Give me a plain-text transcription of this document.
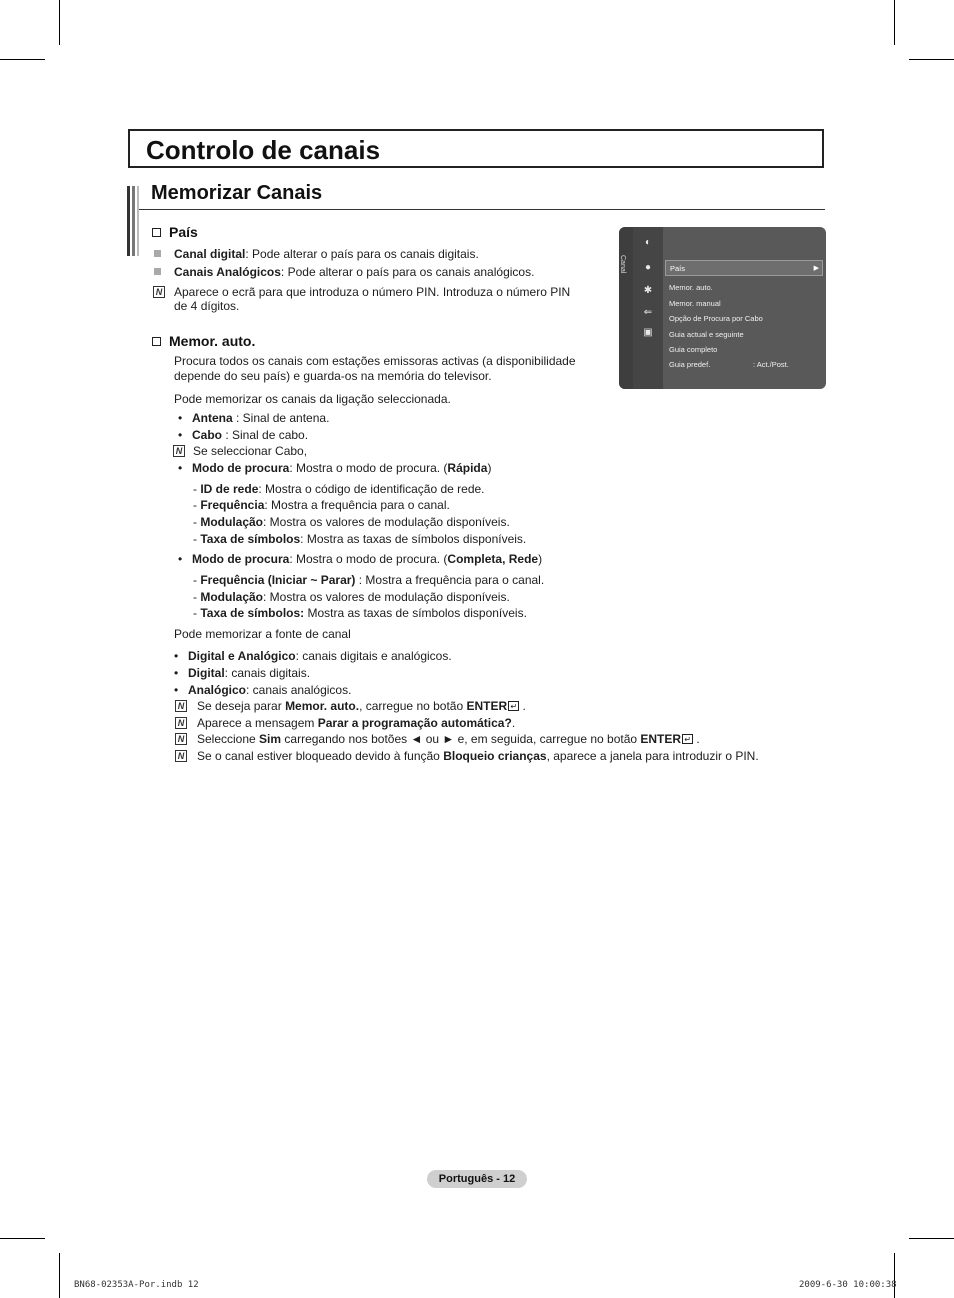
Controlo de canais
Memorizar Canais
País
Canal digital: Pode alterar o país para os canais digitais.
Canais Analógicos: Pode alterar o país para os canais analógicos.
N Aparece o ecrã para que introduza o número PIN. Introduza o número PIN
de 4 dígitos.
Memor. auto.
Procura todos os canais com estações emissoras activas (a disponibilidade
depende do seu país) e guarda-os na memória do televisor.
Pode memorizar os canais da ligação seleccionada.
• Antena : Sinal de antena.
• Cabo : Sinal de cabo.
N Se seleccionar Cabo,
• Modo de procura: Mostra o modo de procura. (Rápida)
- ID de rede: Mostra o código de identificação de rede.
- Frequência: Mostra a frequência para o canal.
- Modulação: Mostra os valores de modulação disponíveis.
- Taxa de símbolos: Mostra as taxas de símbolos disponíveis.
• Modo de procura: Mostra o modo de procura. (Completa, Rede)
- Frequência (Iniciar ~ Parar) : Mostra a frequência para o canal.
- Modulação: Mostra os valores de modulação disponíveis.
- Taxa de símbolos: Mostra as taxas de símbolos disponíveis.
Pode memorizar a fonte de canal
• Digital e Analógico: canais digitais e analógicos.
• Digital: canais digitais.
• Analógico: canais analógicos.
N Se deseja parar Memor. auto., carregue no botão ENTER ↵ .
N Aparece a mensagem Parar a programação automática?.
N Seleccione Sim carregando nos botões ◄ ou ► e, em seguida, carregue no botão ENTER ↵ .
N Se o canal estiver bloqueado devido à função Bloqueio crianças, aparece a janela para introduzir o PIN.
Canal
◐
●
✱
⇐
▣
País	▶
Memor. auto.
Memor. manual
Opção de Procura por Cabo
Guia actual e seguinte
Guia completo
Guia predef.	: Act./Post.
Português - 12
BN68-02353A-Por.indb 12	2009-6-30 10:00:38
